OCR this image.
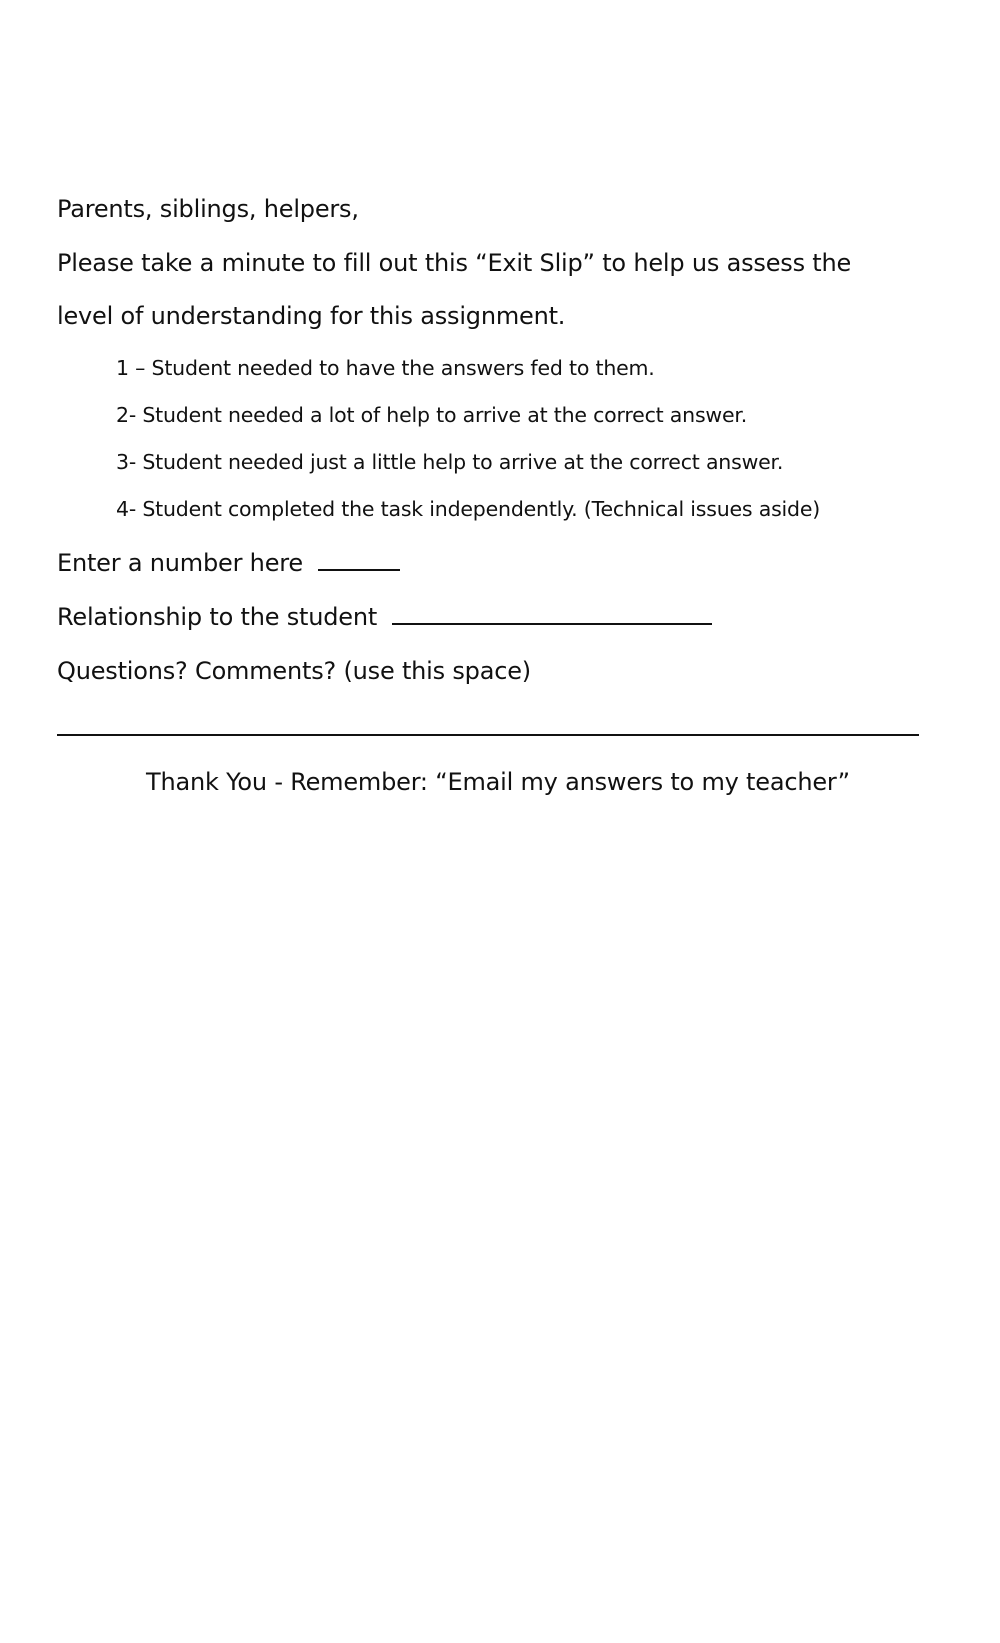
Parents, siblings, helpers,
Please take a minute to fill out this “Exit Slip” to help us assess the
level of understanding for this assignment.
1 – Student needed to have the answers fed to them.
2- Student needed a lot of help to arrive at the correct answer.
3- Student needed just a little help to arrive at the correct answer.
4- Student completed the task independently. (Technical issues aside)
Enter a number here
Relationship to the student
Questions? Comments? (use this space)
Thank You - Remember: “Email my answers to my teacher”
